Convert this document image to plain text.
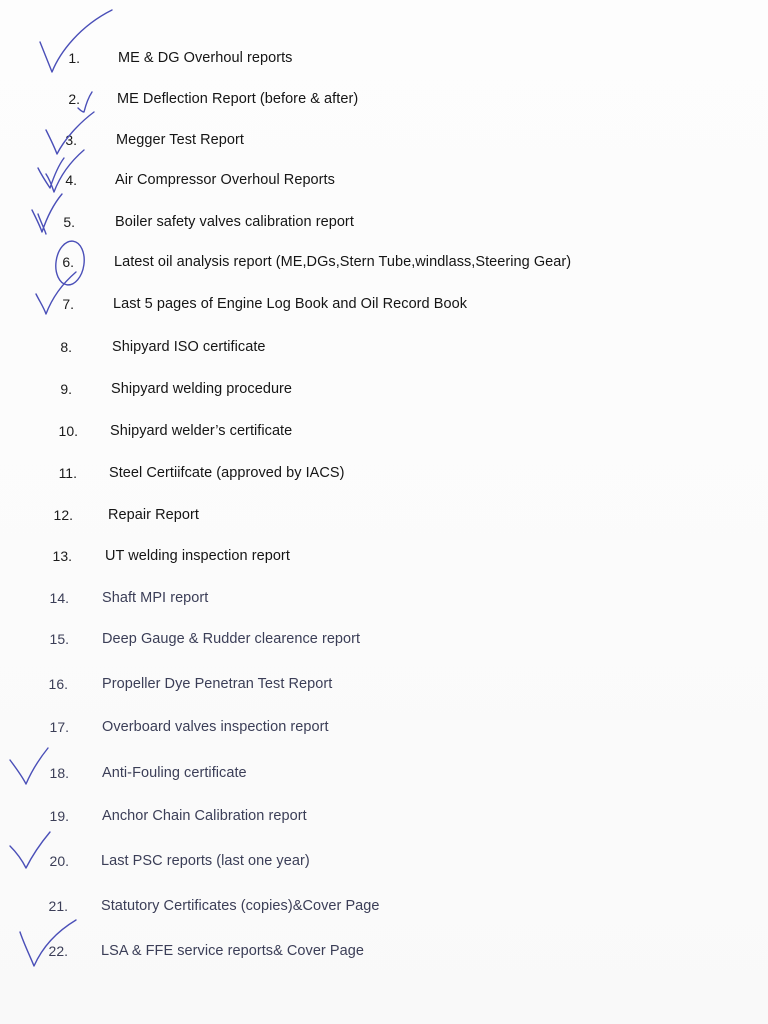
1.	ME & DG Overhoul reports
2.	ME Deflection Report (before & after)
3.	Megger Test Report
4.	Air Compressor Overhoul Reports
5.	Boiler safety valves calibration report
6.	Latest oil analysis report (ME,DGs,Stern Tube,windlass,Steering Gear)
7.	Last 5 pages of Engine Log Book and Oil Record Book
8.	Shipyard ISO certificate
9.	Shipyard welding procedure
10. Shipyard welder’s certificate
11. Steel Certiifcate (approved by IACS)
12. Repair Report
13. UT welding inspection report
14. Shaft MPI report
15. Deep Gauge & Rudder clearence report
16. Propeller Dye Penetran Test Report
17. Overboard valves inspection report
18. Anti-Fouling certificate
19. Anchor Chain Calibration report
20. Last PSC reports (last one year)
21. Statutory Certificates (copies)&Cover Page
22. LSA & FFE service reports& Cover Page
